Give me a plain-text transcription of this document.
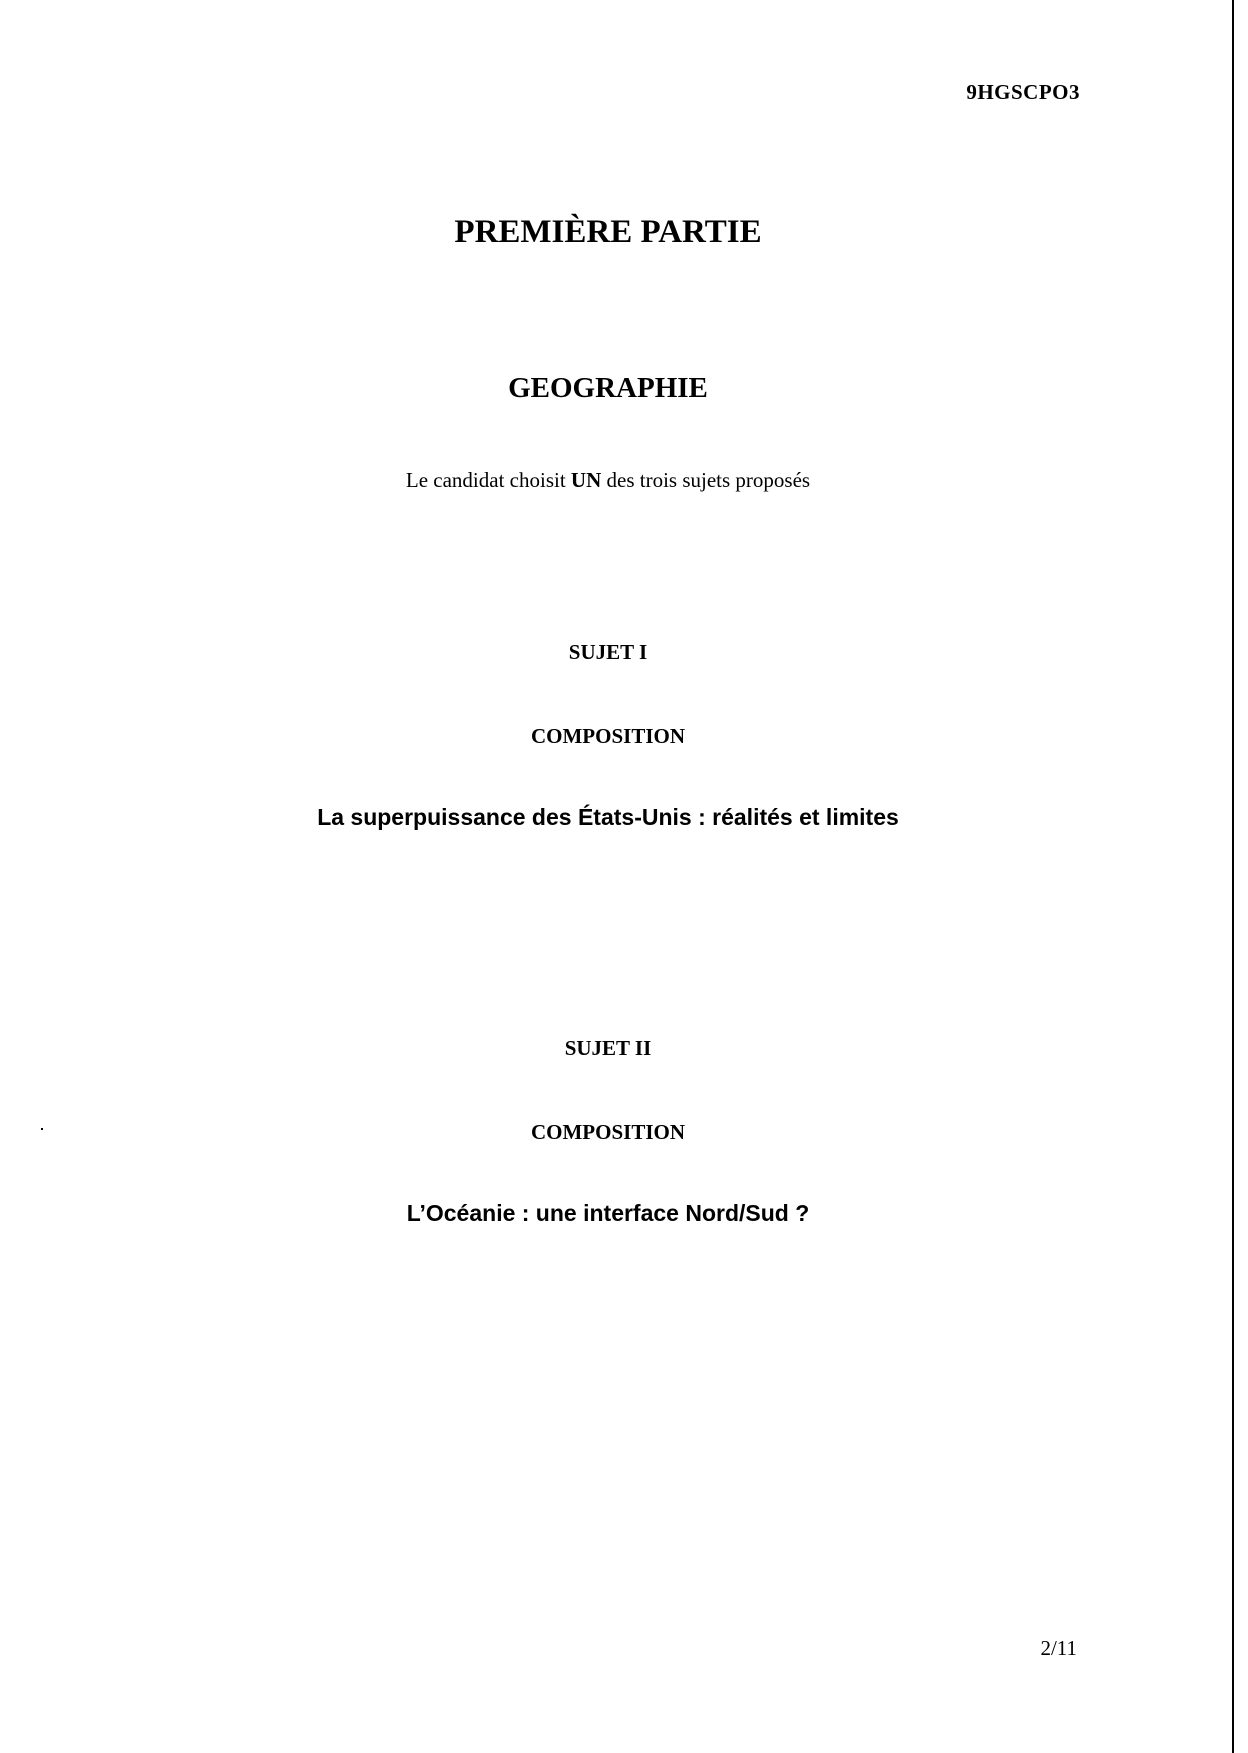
9HGSCPO3
PREMIÈRE PARTIE
GEOGRAPHIE
Le candidat choisit UN des trois sujets proposés
SUJET I
COMPOSITION
La superpuissance des États-Unis : réalités et limites
SUJET II
COMPOSITION
L’Océanie : une interface Nord/Sud ?
2/11
